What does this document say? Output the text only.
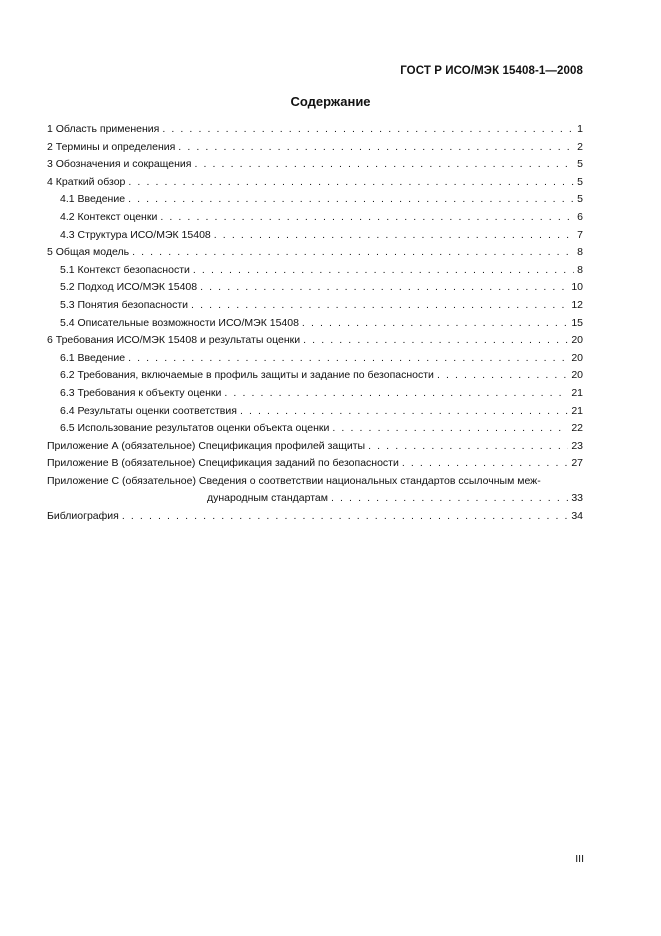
ГОСТ Р ИСО/МЭК 15408-1—2008
Содержание
1 Область применения . . .	1
2 Термины и определения . . .	2
3 Обозначения и сокращения . . .	5
4 Краткий обзор . . .	5
4.1 Введение . . .	5
4.2 Контекст оценки . . .	6
4.3 Структура ИСО/МЭК 15408 . . .	7
5 Общая модель . . .	8
5.1 Контекст безопасности . . .	8
5.2 Подход ИСО/МЭК 15408 . . .	10
5.3 Понятия безопасности . . .	12
5.4 Описательные возможности ИСО/МЭК 15408 . . .	15
6 Требования ИСО/МЭК 15408 и результаты оценки . . .	20
6.1 Введение . . .	20
6.2 Требования, включаемые в профиль защиты и задание по безопасности . . .	20
6.3 Требования к объекту оценки . . .	21
6.4 Результаты оценки соответствия . . .	21
6.5 Использование результатов оценки объекта оценки . . .	22
Приложение А (обязательное) Спецификация профилей защиты . . .	23
Приложение В (обязательное) Спецификация заданий по безопасности . . .	27
Приложение С (обязательное) Сведения о соответствии национальных стандартов ссылочным меж-
дународным стандартам . . .	33
Библиография . . .	34
III
